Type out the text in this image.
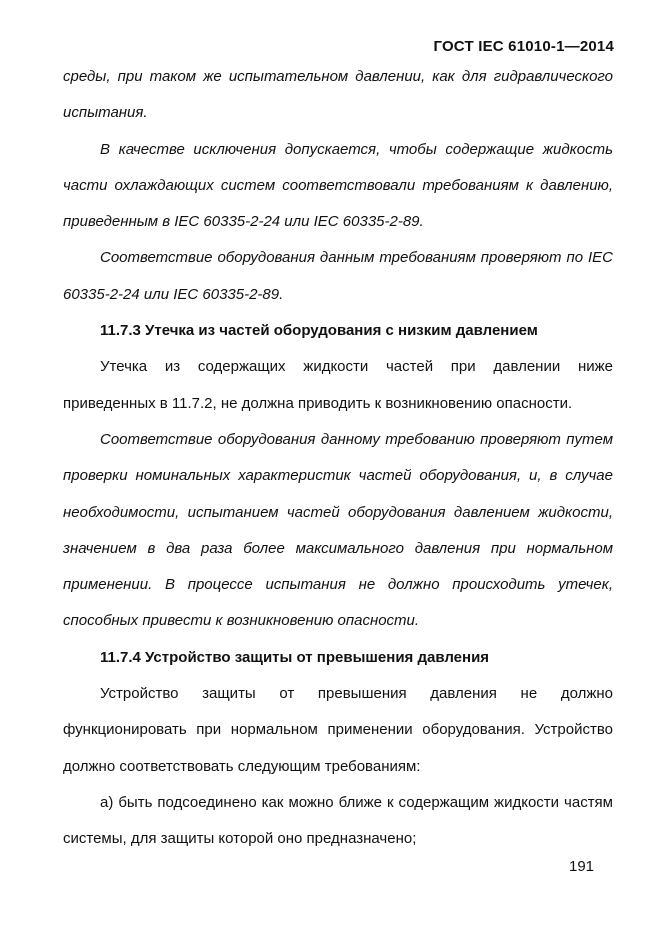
ГОСТ IEC 61010-1—2014

среды, при таком же испытательном давлении, как для гидравлического испытания.

В качестве исключения допускается, чтобы содержащие жидкость части охлаждающих систем соответствовали требованиям к давлению, приведенным в IEC 60335-2-24 или IEC 60335-2-89.

Соответствие оборудования данным требованиям проверяют по IEC 60335-2-24 или IEC 60335-2-89.

11.7.3 Утечка из частей оборудования с низким давлением

Утечка из содержащих жидкости частей при давлении ниже приведенных в 11.7.2, не должна приводить к возникновению опасности.

Соответствие оборудования данному требованию проверяют путем проверки номинальных характеристик частей оборудования, и, в случае необходимости, испытанием частей оборудования давлением жидкости, значением в два раза более максимального давления при нормальном применении. В процессе испытания не должно происходить утечек, способных привести к возникновению опасности.

11.7.4 Устройство защиты от превышения давления

Устройство защиты от превышения давления не должно функционировать при нормальном применении оборудования. Устройство должно соответствовать следующим требованиям:

а) быть подсоединено как можно ближе к содержащим жидкости частям системы, для защиты которой оно предназначено;

191
